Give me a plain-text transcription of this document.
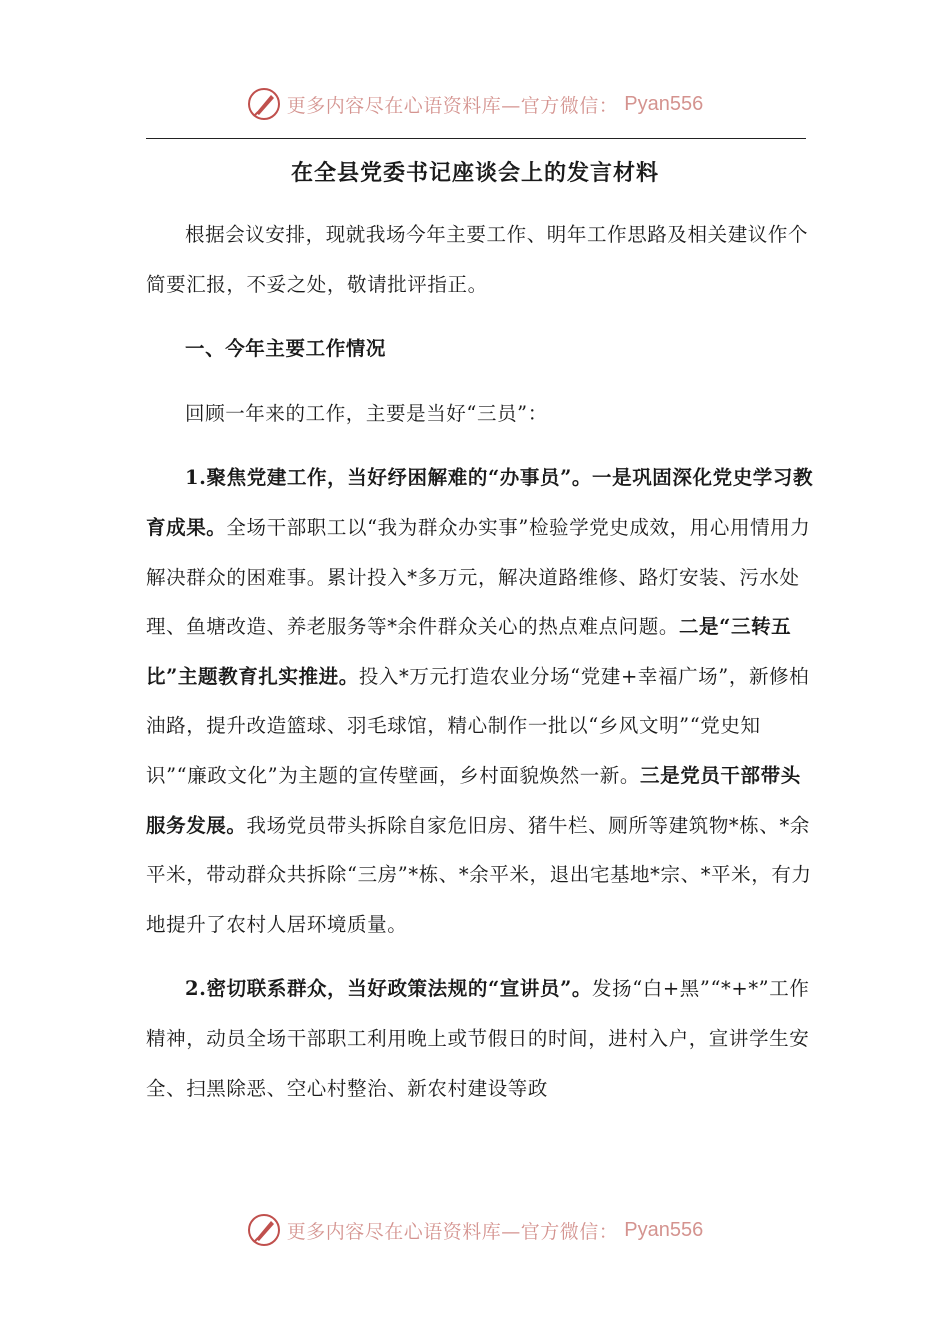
更多内容尽在心语资料库—官方微信： Pyan556
在全县党委书记座谈会上的发言材料

根据会议安排，现就我场今年主要工作、明年工作思路及相关建议作个简要汇报，不妥之处，敬请批评指正。

一、今年主要工作情况

回顾一年来的工作，主要是当好“三员”：

1.聚焦党建工作，当好纾困解难的“办事员”。一是巩固深化党史学习教育成果。全场干部职工以“我为群众办实事”检验学党史成效，用心用情用力解决群众的困难事。累计投入*多万元，解决道路维修、路灯安装、污水处理、鱼塘改造、养老服务等*余件群众关心的热点难点问题。二是“三转五比”主题教育扎实推进。投入*万元打造农业分场“党建+幸福广场”，新修柏油路，提升改造篮球、羽毛球馆，精心制作一批以“乡风文明”“党史知识”“廉政文化”为主题的宣传壁画，乡村面貌焕然一新。三是党员干部带头服务发展。我场党员带头拆除自家危旧房、猪牛栏、厕所等建筑物*栋、*余平米，带动群众共拆除“三房”*栋、*余平米，退出宅基地*宗、*平米，有力地提升了农村人居环境质量。

2.密切联系群众，当好政策法规的“宣讲员”。发扬“白+黑”“*+*”工作精神，动员全场干部职工利用晚上或节假日的时间，进村入户，宣讲学生安全、扫黑除恶、空心村整治、新农村建设等政

更多内容尽在心语资料库—官方微信： Pyan556
